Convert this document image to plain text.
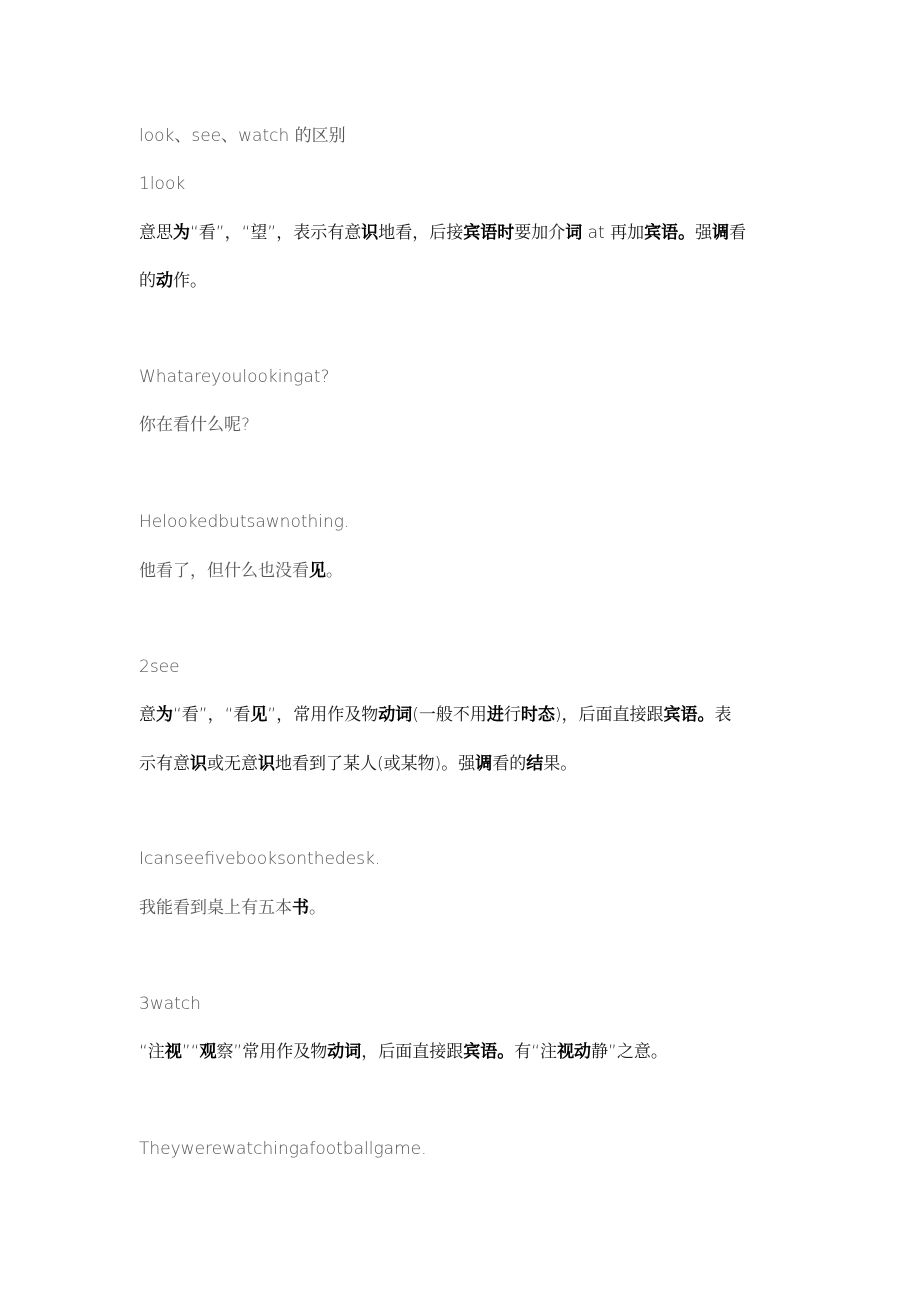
look、see、watch 的区别
1look
意思为“看”，“望”，表示有意识地看，后接宾语时要加介词 at 再加宾语。强调看
的动作。
Whatareyoulookingat?
你在看什么呢?
Helookedbutsawnothing.
他看了，但什么也没看见。
2see
意为“看”，“看见”，常用作及物动词(一般不用进行时态)，后面直接跟宾语。表
示有意识或无意识地看到了某人(或某物)。强调看的结果。
Icanseefivebooksonthedesk.
我能看到桌上有五本书。
3watch
“注视”“观察”常用作及物动词，后面直接跟宾语。有“注视动静”之意。
Theywerewatchingafootballgame.
